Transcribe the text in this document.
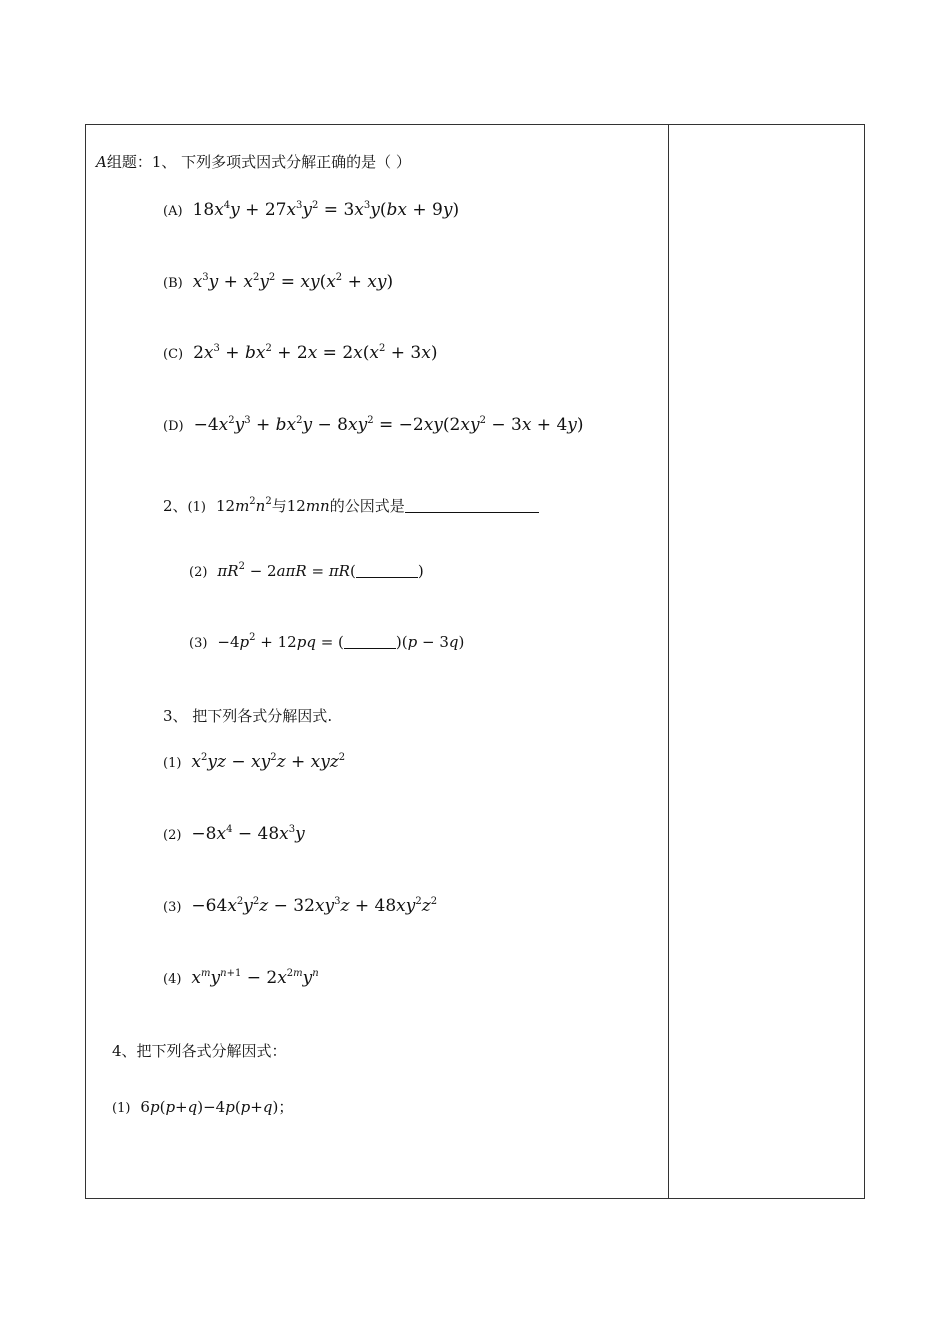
A组题：1、 下列多项式因式分解正确的是（ ）
(A) $18x^4y + 27x^3y^2 = 3x^3y(bx + 9y)$
(B) $x^3y + x^2y^2 = xy(x^2 + xy)$
(C) $2x^3 + bx^2 + 2x = 2x(x^2 + 3x)$
$(D) -4x^2y^3 + bx^2y - 8xy^2 = -2xy(2xy^2 - 3x + 4y)$
2、(1) $12m^2n^2$与12mn的公因式是
(2) $\pi R^2 - 2a\pi R = \pi R$(	)
$(3) -4p^2 + 12pq$ = (	)(p − 3q)
3、 把下列各式分解因式.
(1) $x^2yz - xy^2z + xyz^2$
$(2) -8x^4 - 48x^3y$
$(3) -64x^2y^2z - 32xy^3z + 48xy^2z^2$
(4) $x^my^{n+1} - 2x^{2m}y^n$
4、把下列各式分解因式：
(1) 6p(p+q)−4p(p+q)；
